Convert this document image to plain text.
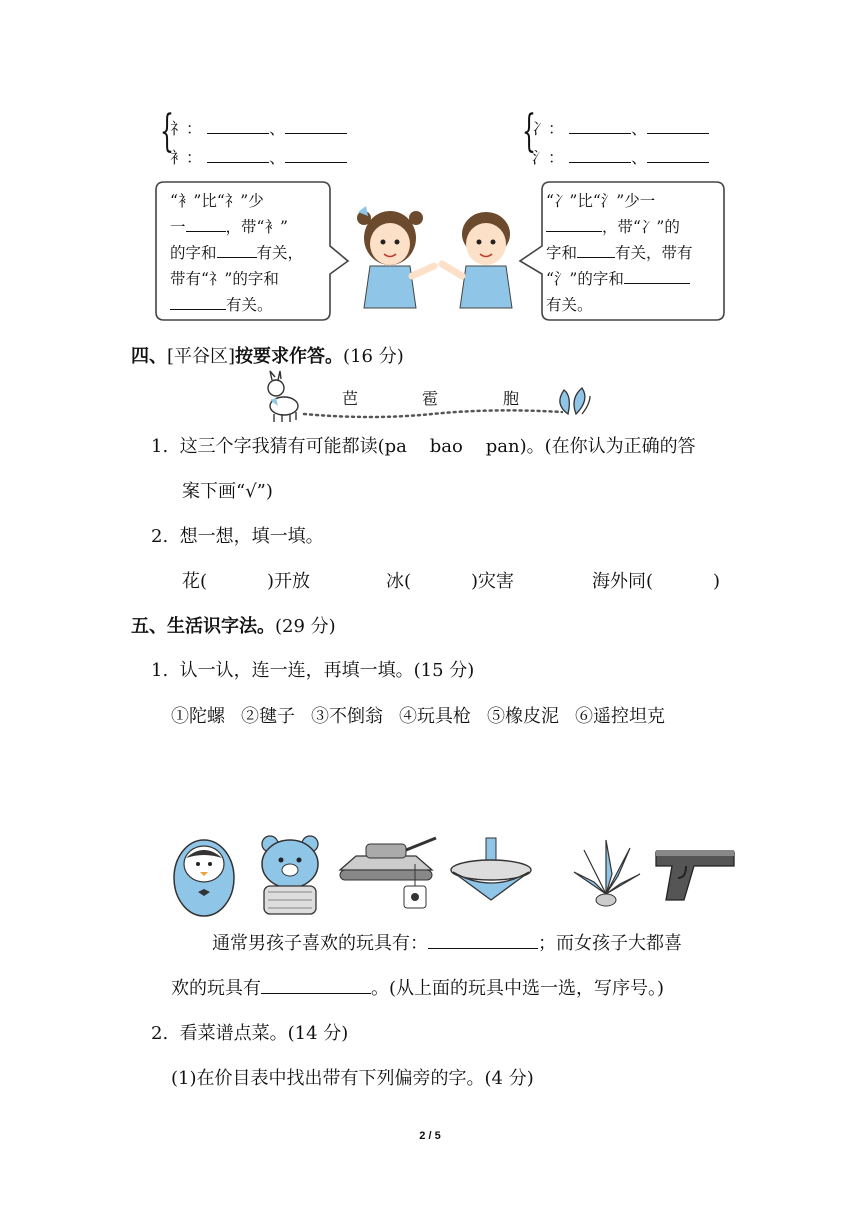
{
礻：	、
衤：	、
{
冫：	、
氵：	、
“衤”比“礻”少
一	，带“衤”
的字和	有关，
带有“礻”的字和
有关。
“冫”比“氵”少一
，带“冫”的
字和 有关，带有
“氵”的字和
有关。
四、[平谷区]按要求作答。(16 分)
芭	雹	胞
1.  这三个字我猜有可能都读(pa    bao    pan)。(在你认为正确的答
案下画“√”)
2.  想一想，填一填。
花(	)开放	冰(	)灾害	海外同(	)
五、生活识字法。(29 分)
1.  认一认，连一连，再填一填。(15 分)
①陀螺 ②毽子 ③不倒翁 ④玩具枪 ⑤橡皮泥 ⑥遥控坦克
通常男孩子喜欢的玩具有：	；而女孩子大都喜
欢的玩具有	。(从上面的玩具中选一选，写序号。)
2.  看菜谱点菜。(14 分)
(1)在价目表中找出带有下列偏旁的字。(4 分)
2 / 5
